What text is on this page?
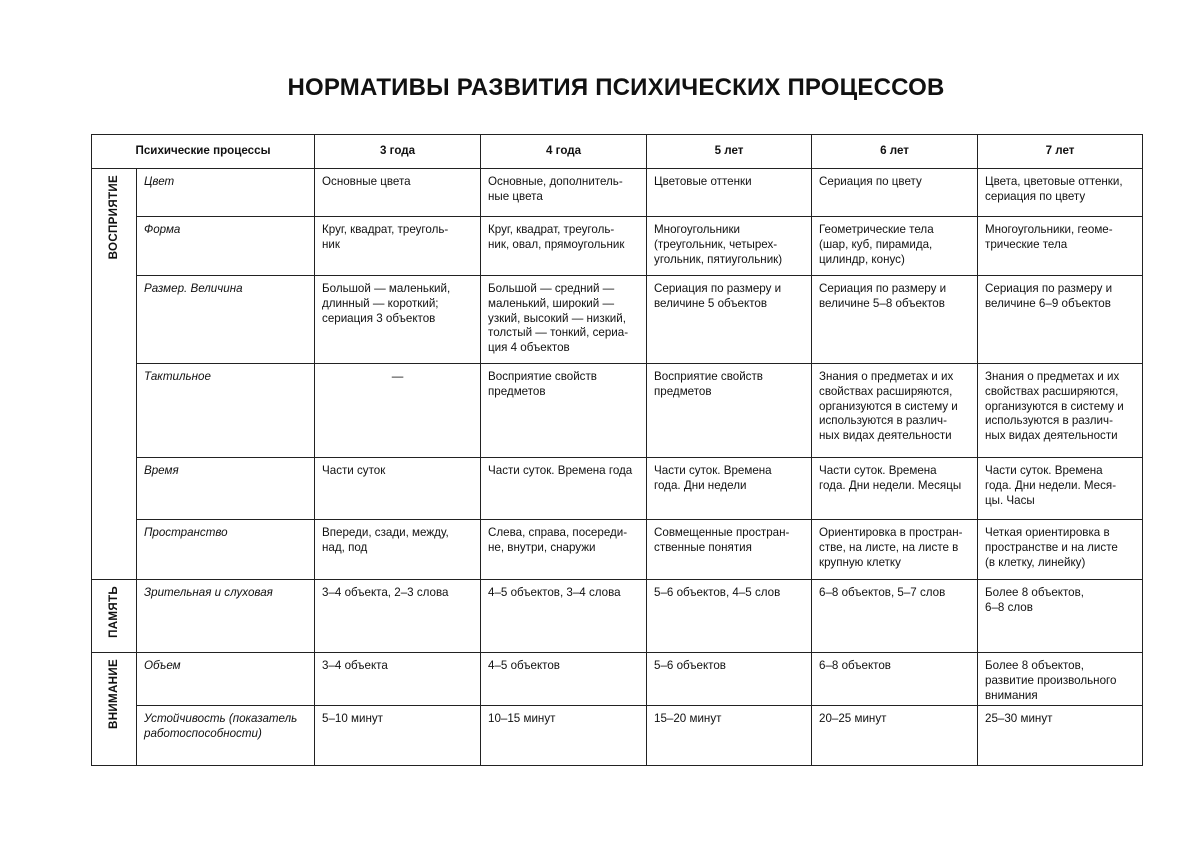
НОРМАТИВЫ РАЗВИТИЯ ПСИХИЧЕСКИХ ПРОЦЕССОВ
Психические процессы		3 года	4 года	5 лет	6 лет	7 лет
ВОСПРИЯТИЕ	Цвет	Основные цвета	Основные, дополнитель-
ные цвета	Цветовые оттенки	Сериация по цвету	Цвета, цветовые оттенки,
сериация по цвету
	Форма	Круг, квадрат, треуголь-
ник	Круг, квадрат, треуголь-
ник, овал, прямоугольник	Многоугольники
(треугольник, четырех-
угольник, пятиугольник)	Геометрические тела
(шар, куб, пирамида,
цилиндр, конус)	Многоугольники, геоме-
трические тела
	Размер. Величина	Большой — маленький,
длинный — короткий;
сериация 3 объектов	Большой — средний —
маленький, широкий —
узкий, высокий — низкий,
толстый — тонкий, сериа-
ция 4 объектов	Сериация по размеру и
величине 5 объектов	Сериация по размеру и
величине 5–8 объектов	Сериация по размеру и
величине 6–9 объектов
	Тактильное	—	Восприятие свойств
предметов	Восприятие свойств
предметов	Знания о предметах и их
свойствах расширяются,
организуются в систему и
используются в различ-
ных видах деятельности	Знания о предметах и их
свойствах расширяются,
организуются в систему и
используются в различ-
ных видах деятельности
	Время	Части суток	Части суток. Времена года	Части суток. Времена
года. Дни недели	Части суток. Времена
года. Дни недели. Месяцы	Части суток. Времена
года. Дни недели. Меся-
цы. Часы
	Пространство	Впереди, сзади, между,
над, под	Слева, справа, посереди-
не, внутри, снаружи	Совмещенные простран-
ственные понятия	Ориентировка в простран-
стве, на листе, на листе в
крупную клетку	Четкая ориентировка в
пространстве и на листе
(в клетку, линейку)
ПАМЯТЬ	Зрительная и слуховая	3–4 объекта, 2–3 слова	4–5 объектов, 3–4 слова	5–6 объектов, 4–5 слов	6–8 объектов, 5–7 слов	Более 8 объектов,
6–8 слов
ВНИМАНИЕ	Объем	3–4 объекта	4–5 объектов	5–6 объектов	6–8 объектов	Более 8 объектов,
развитие произвольного
внимания
	Устойчивость (показатель
работоспособности)	5–10 минут	10–15 минут	15–20 минут	20–25 минут	25–30 минут
